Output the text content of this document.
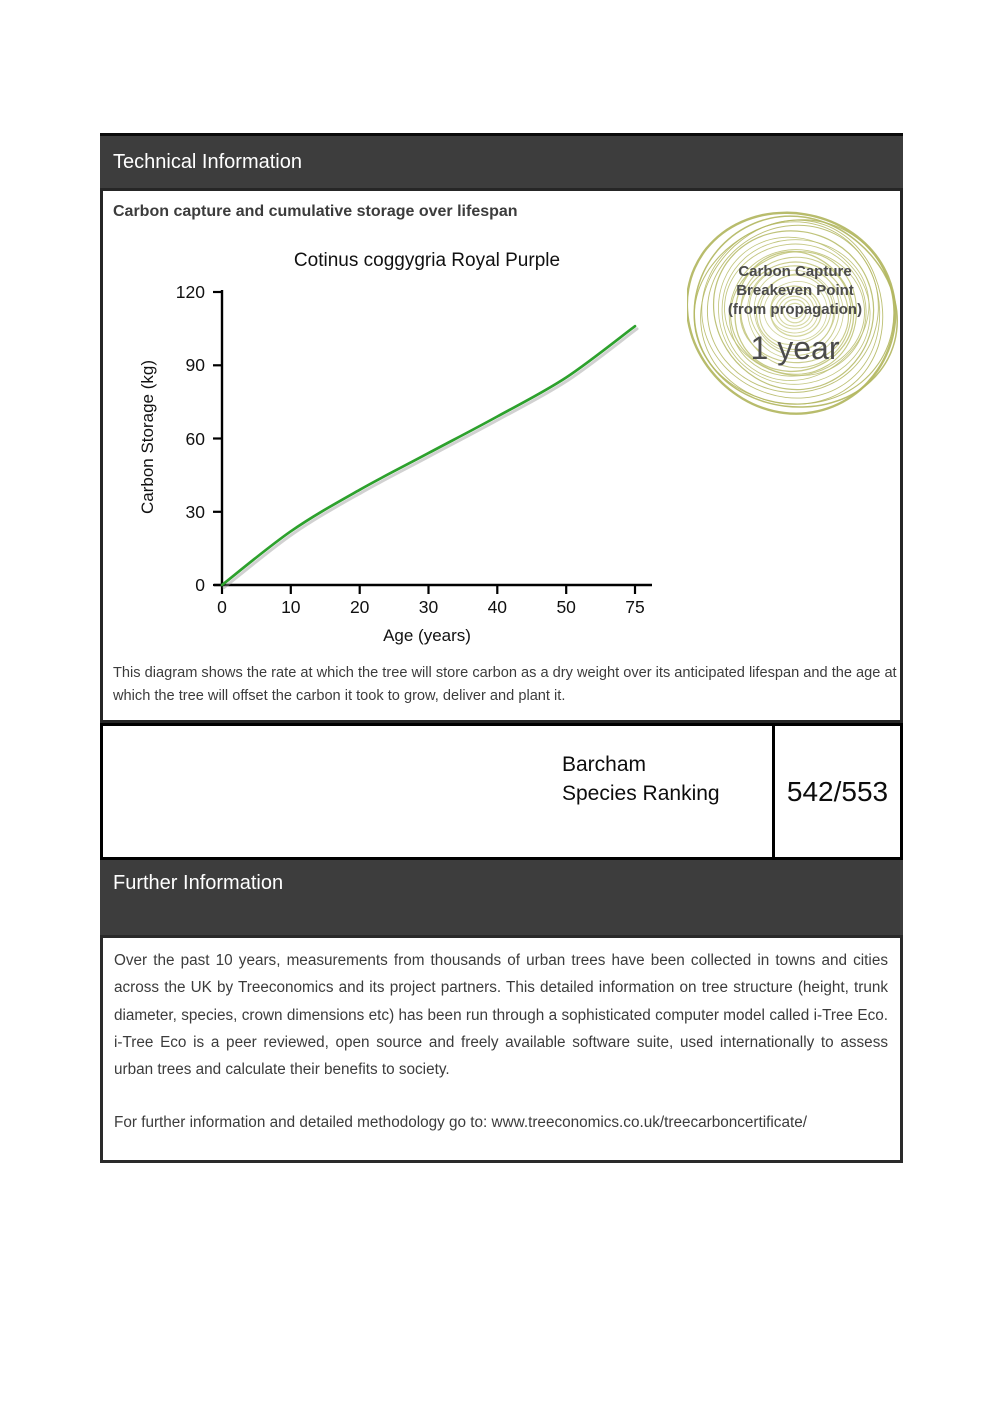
Technical Information
Carbon capture and cumulative storage over lifespan
Cotinus coggygria Royal Purple
Carbon Storage (kg)
Age (years)
0	10	20	30	40	50	75
0
30
60
90
120
Carbon Capture
Breakeven Point
(from propagation)
1 year
This diagram shows the rate at which the tree will store carbon as a dry weight over its anticipated lifespan and the age at which the tree will offset the carbon it took to grow, deliver and plant it.
Barcham
Species Ranking	542/553
Further Information

Over the past 10 years, measurements from thousands of urban trees have been collected in towns and cities across the UK by Treeconomics and its project partners. This detailed information on tree structure (height, trunk diameter, species, crown dimensions etc) has been run through a sophisticated computer model called i-Tree Eco. i-Tree Eco is a peer reviewed, open source and freely available software suite, used internationally to assess urban trees and calculate their benefits to society.

For further information and detailed methodology go to: www.treeconomics.co.uk/treecarboncertificate/
